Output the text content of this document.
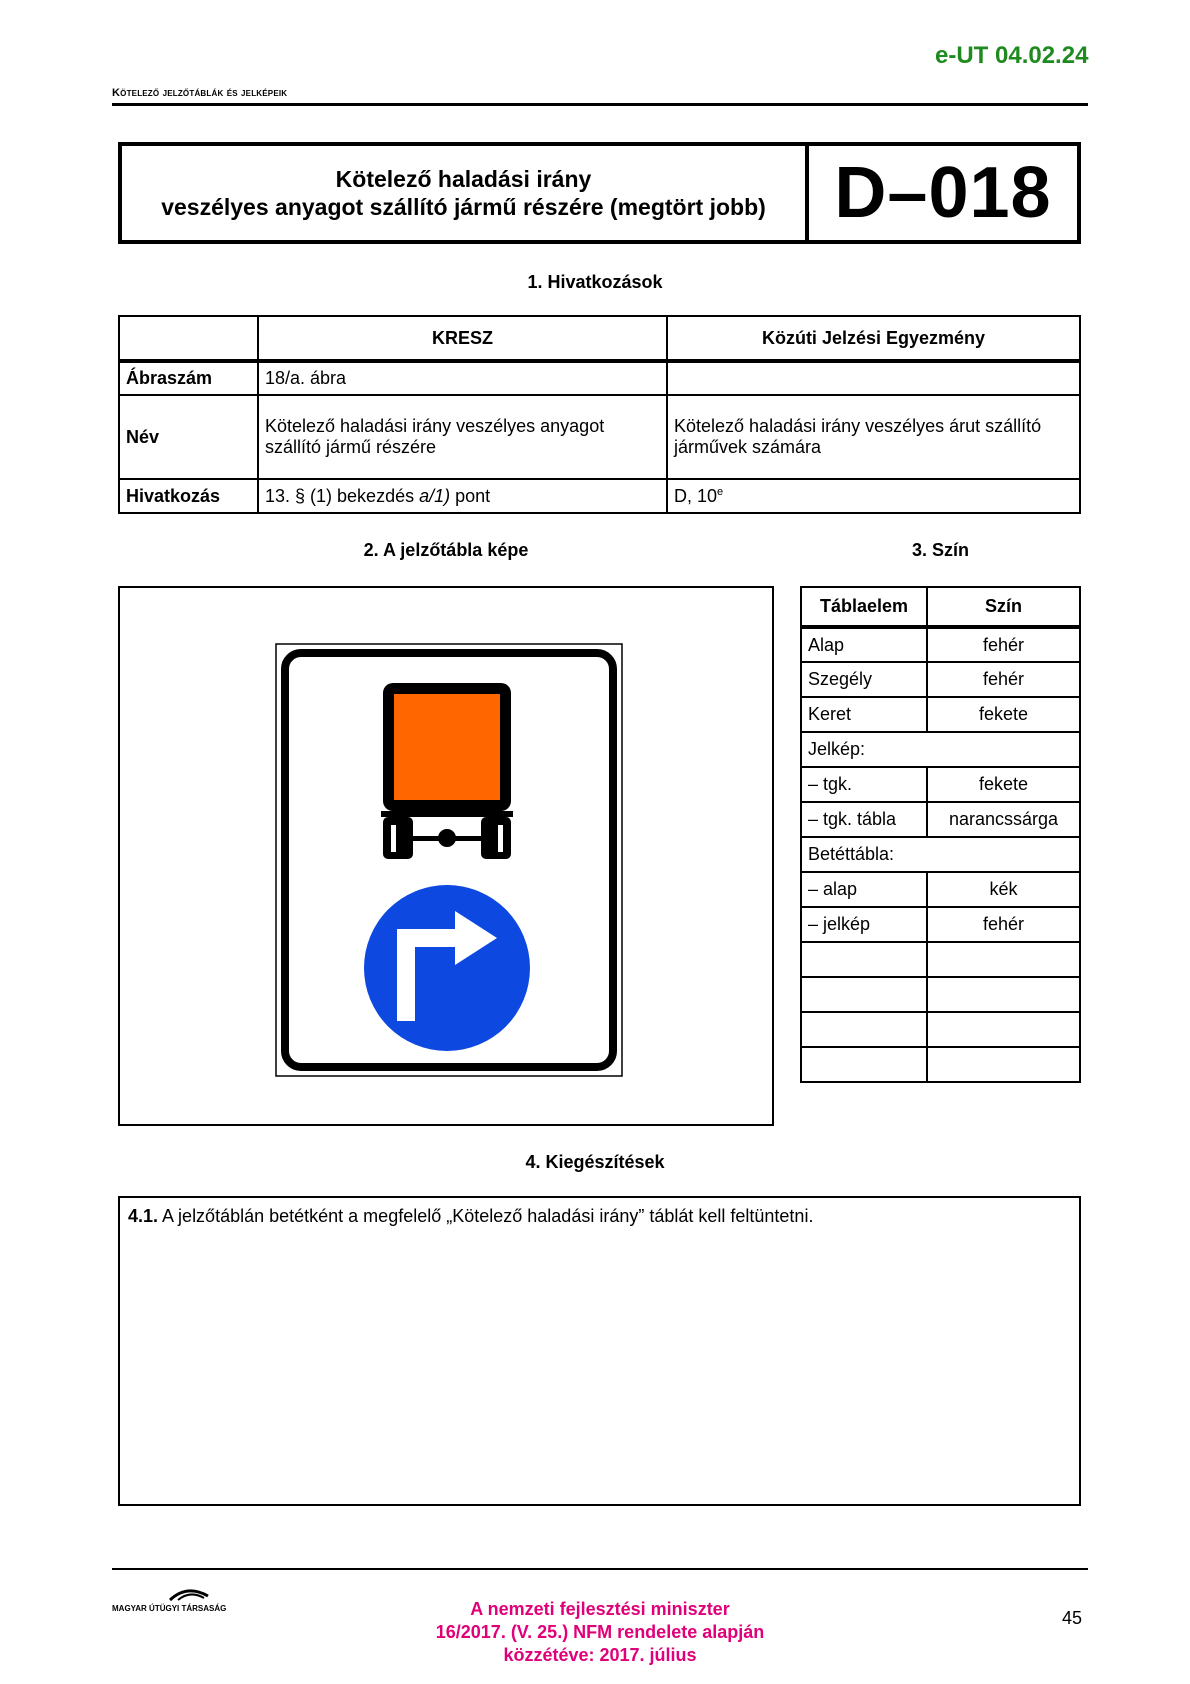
e-UT 04.02.24
Kötelező jelzőtáblák és jelképeik
Kötelező haladási irány
veszélyes anyagot szállító jármű részére (megtört jobb) D–018
1. Hivatkozások
	KRESZ	Közúti Jelzési Egyezmény
Ábraszám	18/a. ábra	
Név	Kötelező haladási irány veszélyes anyagot szállító jármű részére	Kötelező haladási irány veszélyes árut szállító járművek számára
Hivatkozás	13. § (1) bekezdés a/1) pont	D, 10e
2. A jelzőtábla képe	3. Szín
Táblaelem	Szín
Alap	fehér
Szegély	fehér
Keret	fekete
Jelkép:	
– tgk.	fekete
– tgk. tábla	narancssárga
Betéttábla:	
– alap	kék
– jelkép	fehér

4. Kiegészítések
4.1. A jelzőtáblán betétként a megfelelő „Kötelező haladási irány” táblát kell feltüntetni.
MAGYAR ÚTÜGYI TÁRSASÁG	A nemzeti fejlesztési miniszter
16/2017. (V. 25.) NFM rendelete alapján
közzétéve: 2017. július
45
